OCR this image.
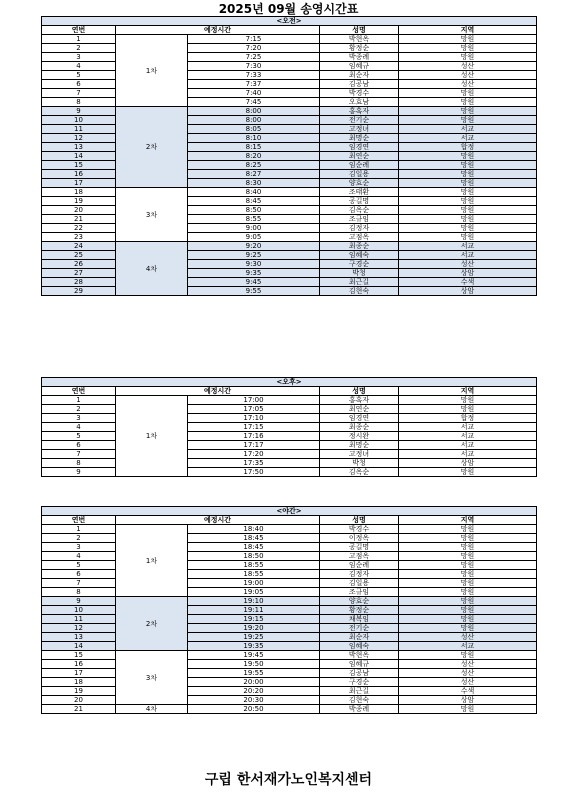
2025년 09월 송영시간표
<오전>				
연번	예정시간		성명	지역
1	1차	7:15	박현옥	망원
2		7:20	황정순	망원
3		7:25	박종례	망원
4		7:30	임혜규	성산
5		7:33	최순자	성산
6		7:37	김공남	성산
7		7:40	박경수	망원
8		7:45	오효남	망원
9	2차	8:00	홍혹자	망원
10		8:00	전기순	망원
11		8:05	고정녀	서교
12		8:10	최명순	서교
13		8:15	임경연	합정
14		8:20	최연순	망원
15		8:25	임순례	망원
16		8:27	김일용	망원
17		8:30	양효순	망원
18	3차	8:40	조태환	망원
19		8:45	공길명	망원
20		8:50	김옥순	망원
21		8:55	조규임	망원
22		9:00	김정자	망원
23		9:05	고점옥	망원
24	4차	9:20	최종순	서교
25		9:25	임혜숙	서교
26		9:30	구경순	성산
27		9:35	박청	상암
28		9:45	최근길	수색
29		9:55	김현숙	상암
<오후>				
연번	예정시간		성명	지역
1	1차	17:00	홍혹자	망원
2		17:05	최연순	망원
3		17:10	임경연	합정
4		17:15	최종순	서교
5		17:16	정시완	서교
6		17:17	최명순	서교
7		17:20	고정녀	서교
8		17:35	박청	상암
9		17:50	김옥순	망원
<야간>				
연번	예정시간		성명	지역
1	1차	18:40	박경수	망원
2		18:45	이정옥	망원
3		18:45	공길명	망원
4		18:50	고점옥	망원
5		18:55	임순례	망원
6		18:55	김정자	망원
7		19:00	김일용	망원
8		19:05	조규임	망원
9	2차	19:10	양효순	망원
10		19:11	황정순	망원
11		19:15	채복임	망원
12		19:20	전기순	망원
13		19:25	최순자	성산
14		19:35	임혜숙	서교
15	3차	19:45	박현옥	망원
16		19:50	임혜규	성산
17		19:55	김공남	성산
18		20:00	구경순	성산
19		20:20	최근길	수색
20		20:30	김현숙	상암
21	4차	20:50	박종례	망원
구립 한서재가노인복지센터
